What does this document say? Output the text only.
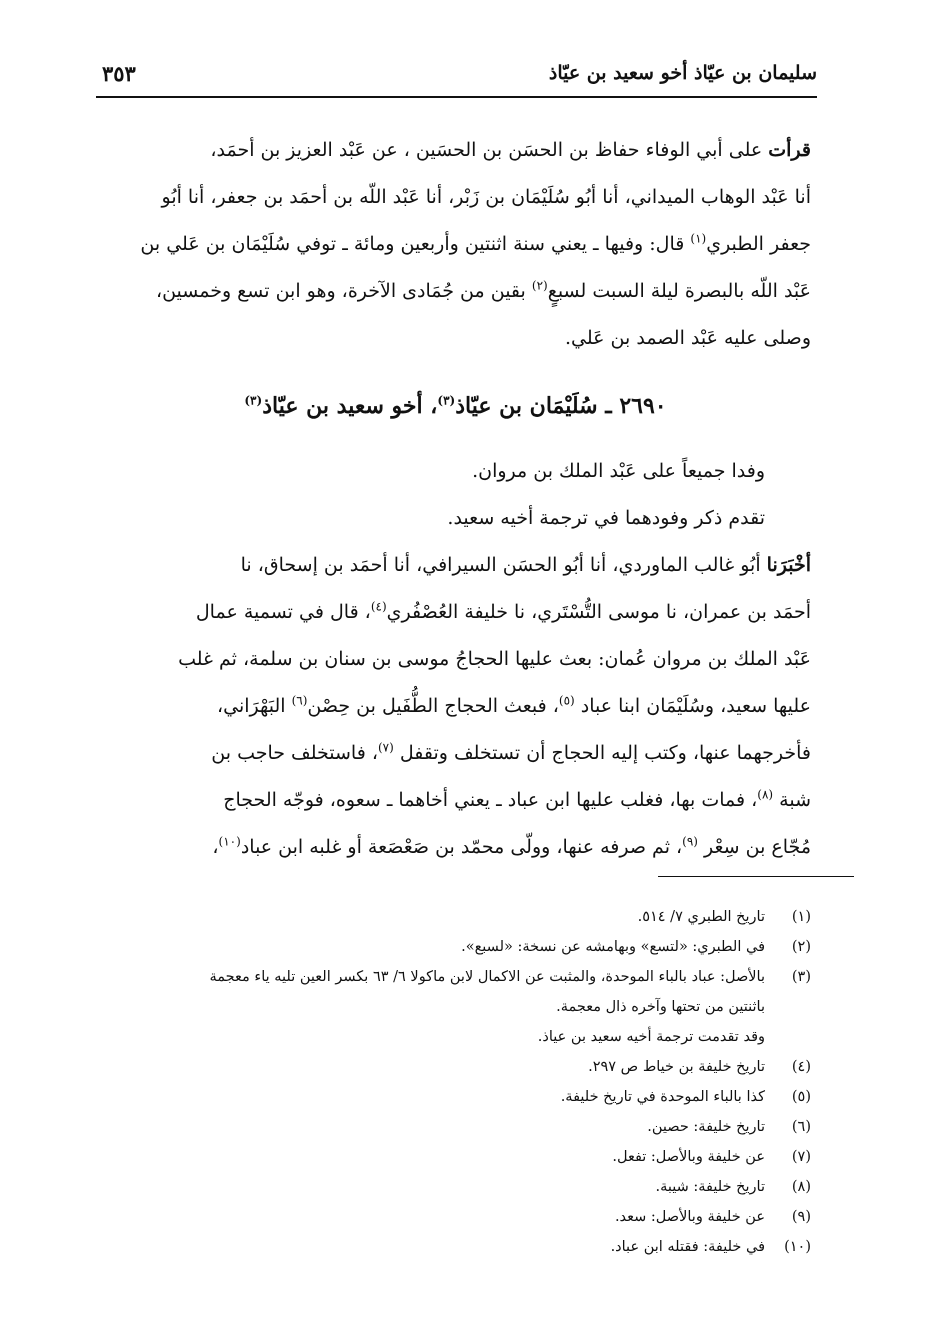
سليمان بن عيّاذ أخو سعيد بن عيّاذ
٣٥٣
قرأت على أبي الوفاء حفاظ بن الحسَن بن الحسَين ، عن عَبْد العزيز بن أحمَد،
أنا عَبْد الوهاب الميداني، أنا أبُو سُلَيْمَان بن زَبْر، أنا عَبْد اللّه بن أحمَد بن جعفر، أنا أبُو
جعفر الطبري$^{(١)}$ قال: وفيها ـ يعني سنة اثنتين وأربعين ومائة ـ توفي سُلَيْمَان بن عَلي بن
عَبْد اللّه بالبصرة ليلة السبت لسبعٍ$^{(٢)}$ بقين من جُمَادى الآخرة، وهو ابن تسع وخمسين،
وصلى عليه عَبْد الصمد بن عَلي.
٢٦٩٠ ـ سُلَيْمَان بن عيّاذ$^{(٣)}$، أخو سعيد بن عيّاذ$^{(٣)}$
وفدا جميعاً على عَبْد الملك بن مروان.
تقدم ذكر وفودهما في ترجمة أخيه سعيد.
أخْبَرَنا أبُو غالب الماوردي، أنا أبُو الحسَن السيرافي، أنا أحمَد بن إسحاق، نا
أحمَد بن عمران، نا موسى التُّسْتَري، نا خليفة العُصْفُري$^{(٤)}$، قال في تسمية عمال
عَبْد الملك بن مروان عُمان: بعث عليها الحجاجُ موسى بن سنان بن سلمة، ثم غلب
عليها سعيد، وسُلَيْمَان ابنا عباد $^{(٥)}$، فبعث الحجاج الطُّفَيل بن حِصْن$^{(٦)}$ البَهْرَاني،
فأخرجهما عنها، وكتب إليه الحجاج أن تستخلف وتقفل $^{(٧)}$، فاستخلف حاجب بن
شبة $^{(٨)}$، فمات بها، فغلب عليها ابن عباد ـ يعني أخاهما ـ سعوه، فوجّه الحجاج
مُجّاع بن سِعْر $^{(٩)}$، ثم صرفه عنها، وولّى محمّد بن صَعْصَعة أو غلبه ابن عباد$^{(١٠)}$،
(١)
تاريخ الطبري ٧/ ٥١٤.
(٢)
في الطبري: «لتسع» وبهامشه عن نسخة: «لسبع».
(٣)
بالأصل: عباد بالباء الموحدة، والمثبت عن الاكمال لابن ماكولا ٦/ ٦٣ بكسر العين تليه ياء معجمة
باثنتين من تحتها وآخره ذال معجمة.
وقد تقدمت ترجمة أخيه سعيد بن عياذ.
(٤)
تاريخ خليفة بن خياط ص ٢٩٧.
(٥)
كذا بالباء الموحدة في تاريخ خليفة.
(٦)
تاريخ خليفة: حصين.
(٧)
عن خليفة وبالأصل: تفعل.
(٨)
تاريخ خليفة: شيبة.
(٩)
عن خليفة وبالأصل: سعد.
(١٠)
في خليفة: فقتله ابن عباد.
